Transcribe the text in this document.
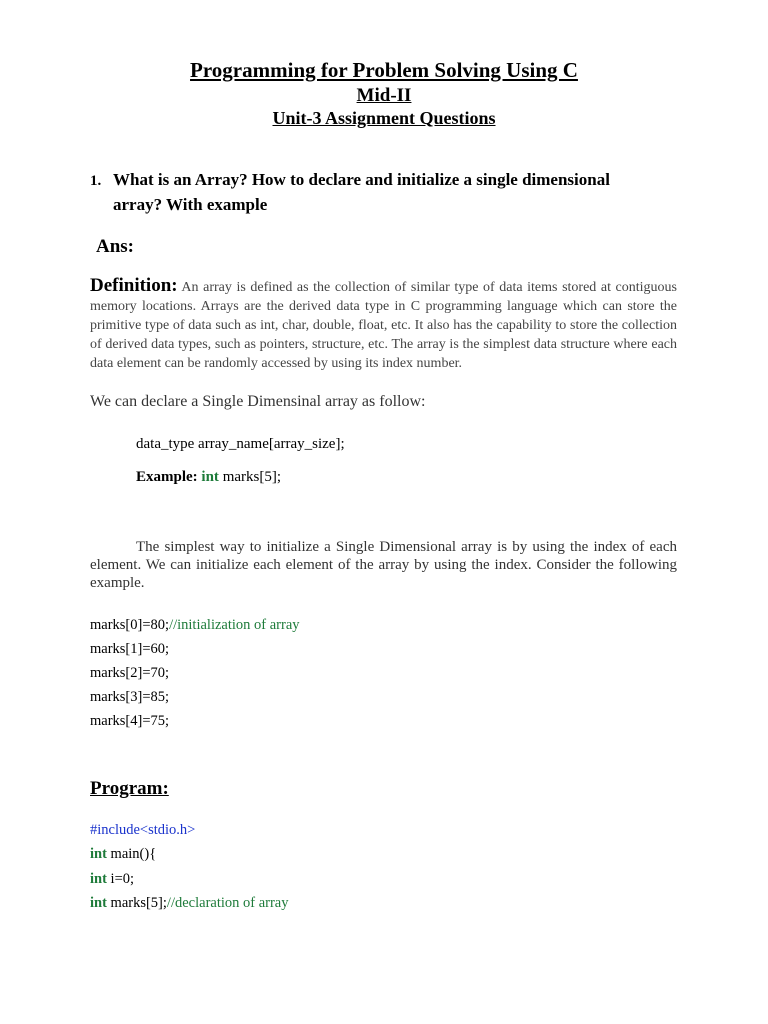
Programming for Problem Solving Using C
Mid-II
Unit-3 Assignment Questions
1. What is an Array? How to declare and initialize a single dimensional array? With example
Ans:
Definition: An array is defined as the collection of similar type of data items stored at contiguous memory locations. Arrays are the derived data type in C programming language which can store the primitive type of data such as int, char, double, float, etc. It also has the capability to store the collection of derived data types, such as pointers, structure, etc. The array is the simplest data structure where each data element can be randomly accessed by using its index number.
We can declare a Single Dimensinal array as follow:
data_type array_name[array_size];
Example: int marks[5];
The simplest way to initialize a Single Dimensional array is by using the index of each element. We can initialize each element of the array by using the index. Consider the following example.
marks[0]=80;//initialization of array
marks[1]=60;
marks[2]=70;
marks[3]=85;
marks[4]=75;
Program:
#include<stdio.h>
int main(){
int i=0;
int marks[5];//declaration of array
